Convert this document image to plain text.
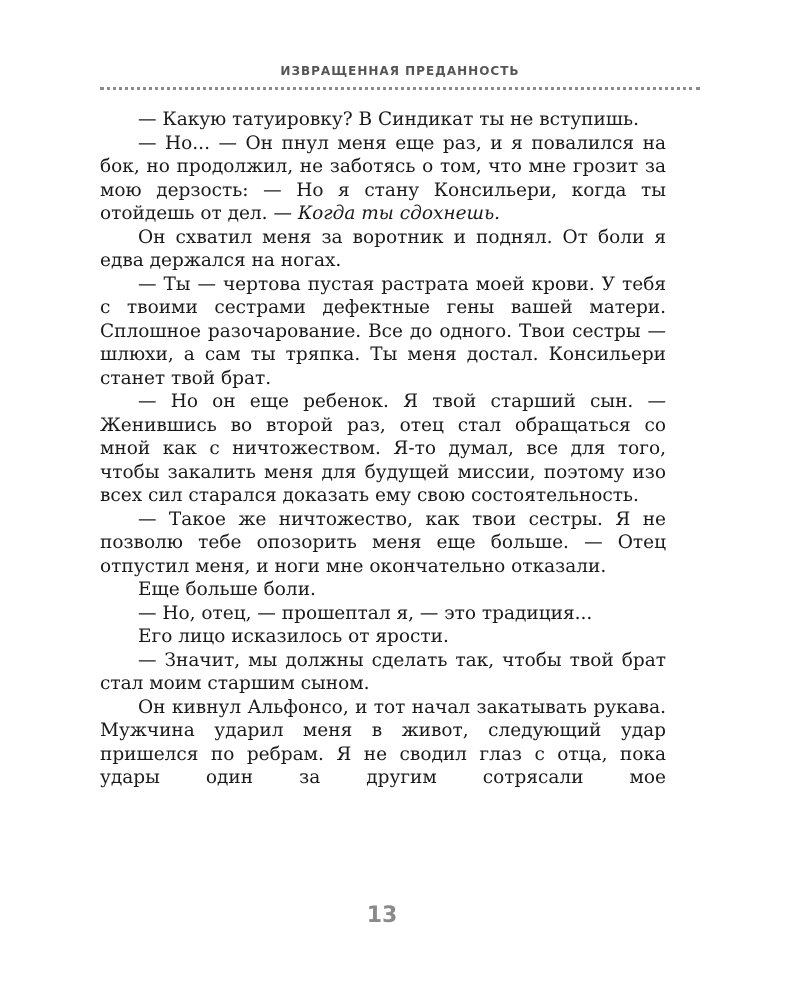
ИЗВРАЩЕННАЯ ПРЕДАННОСТЬ

— Какую татуировку? В Синдикат ты не вступишь.

— Но... — Он пнул меня еще раз, и я повалился на бок, но продолжил, не заботясь о том, что мне грозит за мою дерзость: — Но я стану Консильери, когда ты отойдешь от дел. — Когда ты сдохнешь.

Он схватил меня за воротник и поднял. От боли я едва держался на ногах.

— Ты — чертова пустая растрата моей крови. У тебя с твоими сестрами дефектные гены вашей матери. Сплошное разочарование. Все до одного. Твои сестры — шлюхи, а сам ты тряпка. Ты меня достал. Консильери станет твой брат.

— Но он еще ребенок. Я твой старший сын. — Женившись во второй раз, отец стал обращаться со мной как с ничтожеством. Я-то думал, все для того, чтобы закалить меня для будущей миссии, поэтому изо всех сил старался доказать ему свою состоятельность.

— Такое же ничтожество, как твои сестры. Я не позволю тебе опозорить меня еще больше. — Отец отпустил меня, и ноги мне окончательно отказали.

Еще больше боли.

— Но, отец, — прошептал я, — это традиция...

Его лицо исказилось от ярости.

— Значит, мы должны сделать так, чтобы твой брат стал моим старшим сыном.

Он кивнул Альфонсо, и тот начал закатывать рукава. Мужчина ударил меня в живот, следующий удар пришелся по ребрам. Я не сводил глаз с отца, пока удары один за другим сотрясали мое

13
